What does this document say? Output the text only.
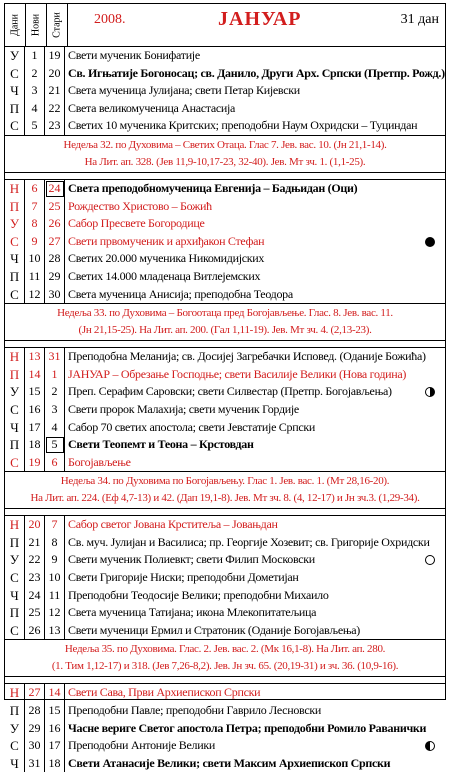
Дани Нови Стари 2008.	ЈАНУАР	31 дан
У	1 19 Свети мученик Бонифатије
С	2 20 Св. Игњатије Богоносац; св. Данило, Други Арх. Српски (Претпр. Рожд.)
Ч	3 21 Света мученица Јулијана; свети Петар Кијевски
П	4 22 Света великомученица Анастасија
С	5 23 Светих 10 мученика Критских; преподобни Наум Охридски – Туциндан
Недеља 32. по Духовима – Светих Отаца. Глас 7. Јев. вас. 10. (Jн 21,1-14).
На Лит. ап. 328. (Јев 11,9-10,17-23, 32-40). Јев. Мт зч. 1. (1,1-25).
Н	6 24 Света преподобномученица Евгенија – Бадњидан (Оци)
П	7 25 Рождество Христово – Божић
У	8 26 Сабор Пресвете Богородице
С	9 27 Свети првомученик и архиђакон Стефан
Ч 10 28 Светих 20.000 мученика Никомидијских
П 11 29 Светих 14.000 младенаца Витлејемских
С 12 30 Света мученица Анисија; преподобна Теодора
Недеља 33. по Духовима – Богоотаца пред Богојављење. Глас. 8. Јев. вас. 11.
(Jн 21,15-25). На Лит. ап. 200. (Гал 1,11-19). Јев. Мт зч. 4. (2,13-23).
Н 13 31 Преподобна Меланија; св. Досиjеј Загребачки Исповед. (Оданије Божића)
П 14 1 ЈАНУАР – Обрезање Господње; свети Василије Велики (Нова година)
У 15 2 Преп. Серафим Саровски; свети Силвестар (Претпр. Богојављења)
С 16 3 Свети пророк Малахија; свети мученик Гордије
Ч 17 4 Сабор 70 светих апостола; свети Јевстатије Српски
П 18 5 Свети Теопемт и Теона – Крстовдан
С 19 6 Богојављење
Недеља 34. по Духовима по Богојављењу. Глас 1. Јев. вас. 1. (Мт 28,16-20).
На Лит. ап. 224. (Еф 4,7-13) и 42. (Дап 19,1-8). Јев. Мт зч. 8. (4, 12-17) и Јн зч.3. (1,29-34).
Н 20 7 Сабор светог Јована Крститеља – Јовањдан
П 21 8 Св. муч. Јулијан и Василиса; пр. Георгије Хозевит; св. Григорије Охридски
У 22 9 Свети мученик Полиевкт; свети Филип Московски
С 23 10 Свети Григорије Ниски; преподобни Дометијан
Ч 24 11 Преподобни Теодосије Велики; преподобни Михаило
П 25 12 Света мученица Татијана; икона Млекопитатељица
С 26 13 Свети мученици Ермил и Стратоник (Оданије Богојављења)
Недеља 35. по Духовима. Глас. 2. Јев. вас. 2. (Мк 16,1-8). На Лит. ап. 280.
(1. Тим 1,12-17) и 318. (Јев 7,26-8,2). Јев. Јн зч. 65. (20,19-31) и зч. 36. (10,9-16).
Н 27 14 Свети Сава, Први Архиепископ Српски
П 28 15 Преподобни Павле; преподобни Гаврило Лесновски
У 29 16 Часне вериге Светог апостола Петра; преподобни Ромило Раванички
С 30 17 Преподобни Антоније Велики
Ч 31 18 Свети Атанасије Велики; свети Максим Архиепископ Српски
